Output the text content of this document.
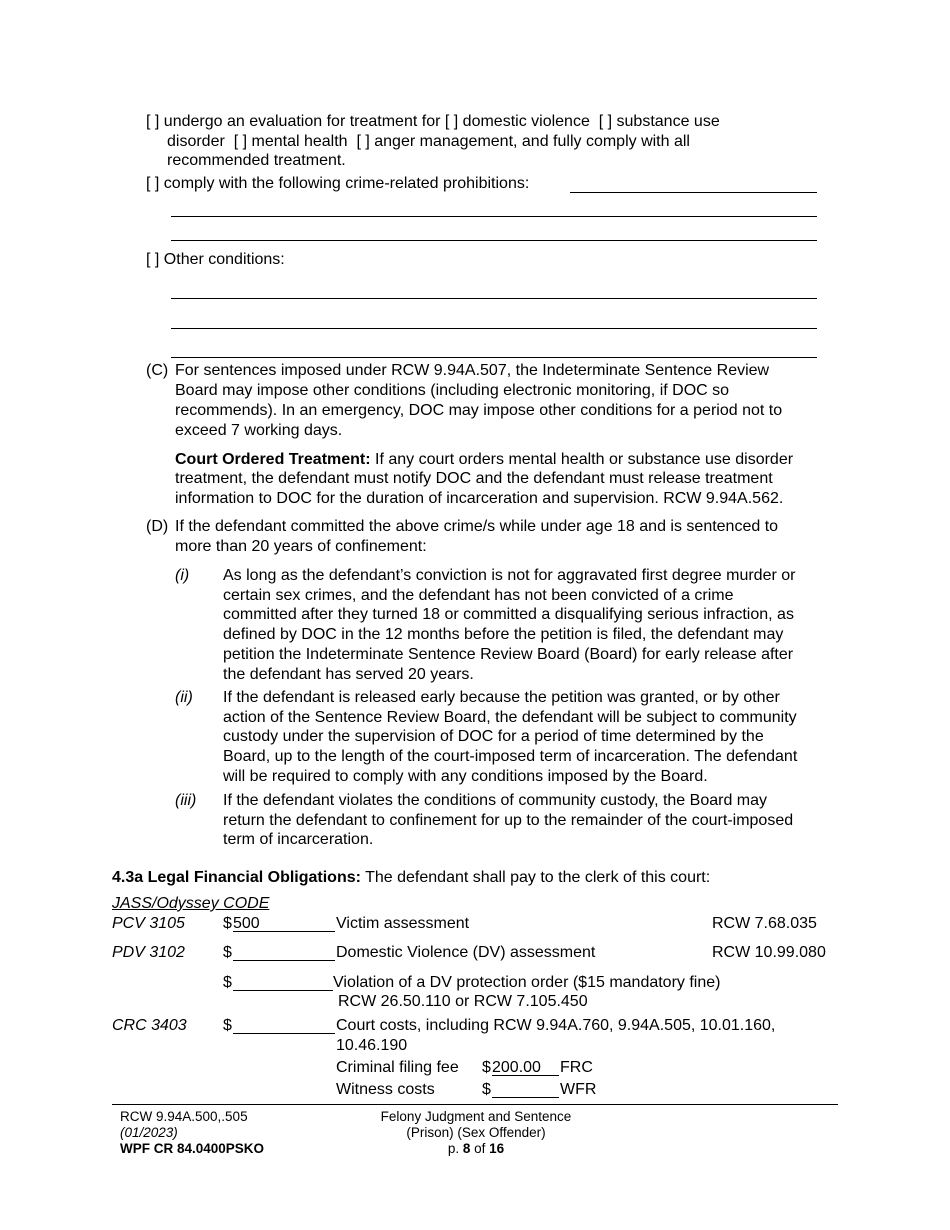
[ ] undergo an evaluation for treatment for [ ] domestic violence [ ] substance use
disorder [ ] mental health [ ] anger management, and fully comply with all
recommended treatment.
[ ] comply with the following crime-related prohibitions:
[ ] Other conditions:
(C) For sentences imposed under RCW 9.94A.507, the Indeterminate Sentence Review
Board may impose other conditions (including electronic monitoring, if DOC so
recommends). In an emergency, DOC may impose other conditions for a period not to
exceed 7 working days.
Court Ordered Treatment: If any court orders mental health or substance use disorder
treatment, the defendant must notify DOC and the defendant must release treatment
information to DOC for the duration of incarceration and supervision. RCW 9.94A.562.
(D) If the defendant committed the above crime/s while under age 18 and is sentenced to
more than 20 years of confinement:
(i) As long as the defendant’s conviction is not for aggravated first degree murder or
certain sex crimes, and the defendant has not been convicted of a crime
committed after they turned 18 or committed a disqualifying serious infraction, as
defined by DOC in the 12 months before the petition is filed, the defendant may
petition the Indeterminate Sentence Review Board (Board) for early release after
the defendant has served 20 years.
(ii) If the defendant is released early because the petition was granted, or by other
action of the Sentence Review Board, the defendant will be subject to community
custody under the supervision of DOC for a period of time determined by the
Board, up to the length of the court-imposed term of incarceration. The defendant
will be required to comply with any conditions imposed by the Board.
(iii) If the defendant violates the conditions of community custody, the Board may
return the defendant to confinement for up to the remainder of the court-imposed
term of incarceration.
4.3a Legal Financial Obligations: The defendant shall pay to the clerk of this court:
JASS/Odyssey CODE
PCV 3105 $ 500	Victim assessment	RCW 7.68.035
PDV 3102 $	Domestic Violence (DV) assessment	RCW 10.99.080
$	Violation of a DV protection order ($15 mandatory fine)
RCW 26.50.110 or RCW 7.105.450
CRC 3403 $	Court costs, including RCW 9.94A.760, 9.94A.505, 10.01.160,
10.46.190
Criminal filing fee $ 200.00 FRC
Witness costs	$	WFR
RCW 9.94A.500,.505
(01/2023)
WPF CR 84.0400PSKO
Felony Judgment and Sentence
(Prison) (Sex Offender)
p. 8 of 16
